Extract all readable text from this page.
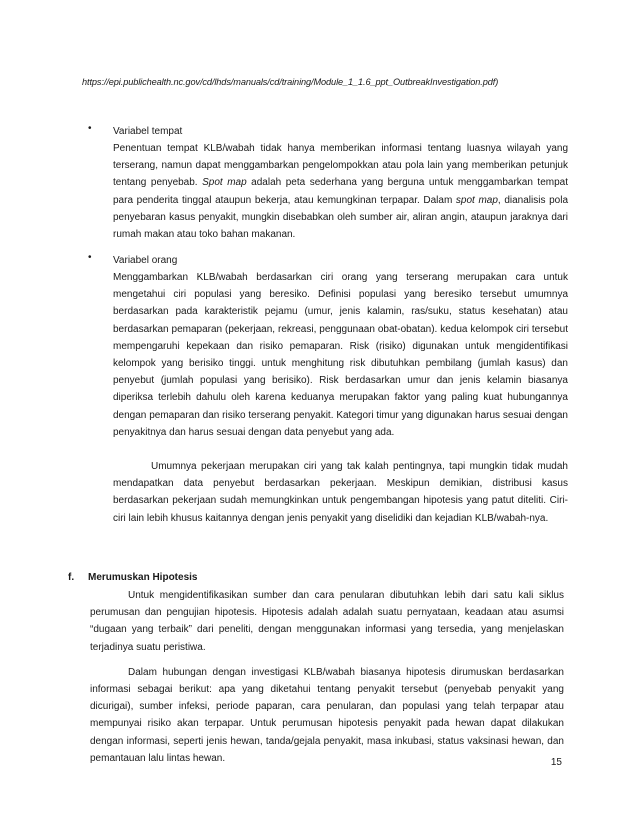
https://epi.publichealth.nc.gov/cd/lhds/manuals/cd/training/Module_1_1.6_ppt_OutbreakInvestigation.pdf)
• Variabel tempat
Penentuan tempat KLB/wabah tidak hanya memberikan informasi tentang luasnya wilayah yang terserang, namun dapat menggambarkan pengelompokkan atau pola lain yang memberikan petunjuk tentang penyebab. Spot map adalah peta sederhana yang berguna untuk menggambarkan tempat para penderita tinggal ataupun bekerja, atau kemungkinan terpapar. Dalam spot map, dianalisis pola penyebaran kasus penyakit, mungkin disebabkan oleh sumber air, aliran angin, ataupun jaraknya dari rumah makan atau toko bahan makanan.
• Variabel orang
Menggambarkan KLB/wabah berdasarkan ciri orang yang terserang merupakan cara untuk mengetahui ciri populasi yang beresiko. Definisi populasi yang beresiko tersebut umumnya berdasarkan pada karakteristik pejamu (umur, jenis kalamin, ras/suku, status kesehatan) atau berdasarkan pemaparan (pekerjaan, rekreasi, penggunaan obat-obatan). kedua kelompok ciri tersebut mempengaruhi kepekaan dan risiko pemaparan. Risk (risiko) digunakan untuk mengidentifikasi kelompok yang berisiko tinggi. untuk menghitung risk dibutuhkan pembilang (jumlah kasus) dan penyebut (jumlah populasi yang berisiko). Risk berdasarkan umur dan jenis kelamin biasanya diperiksa terlebih dahulu oleh karena keduanya merupakan faktor yang paling kuat hubungannya dengan pemaparan dan risiko terserang penyakit. Kategori timur yang digunakan harus sesuai dengan penyakitnya dan harus sesuai dengan data penyebut yang ada.
Umumnya pekerjaan merupakan ciri yang tak kalah pentingnya, tapi mungkin tidak mudah mendapatkan data penyebut berdasarkan pekerjaan. Meskipun demikian, distribusi kasus berdasarkan pekerjaan sudah memungkinkan untuk pengembangan hipotesis yang patut diteliti. Ciri-ciri lain lebih khusus kaitannya dengan jenis penyakit yang diselidiki dan kejadian KLB/wabah-nya.
f. Merumuskan Hipotesis
Untuk mengidentifikasikan sumber dan cara penularan dibutuhkan lebih dari satu kali siklus perumusan dan pengujian hipotesis. Hipotesis adalah adalah suatu pernyataan, keadaan atau asumsi “dugaan yang terbaik” dari peneliti, dengan menggunakan informasi yang tersedia, yang menjelaskan terjadinya suatu peristiwa.
Dalam hubungan dengan investigasi KLB/wabah biasanya hipotesis dirumuskan berdasarkan informasi sebagai berikut: apa yang diketahui tentang penyakit tersebut (penyebab penyakit yang dicurigai), sumber infeksi, periode paparan, cara penularan, dan populasi yang telah terpapar atau mempunyai risiko akan terpapar. Untuk perumusan hipotesis penyakit pada hewan dapat dilakukan dengan informasi, seperti jenis hewan, tanda/gejala penyakit, masa inkubasi, status vaksinasi hewan, dan pemantauan lalu lintas hewan.	15
